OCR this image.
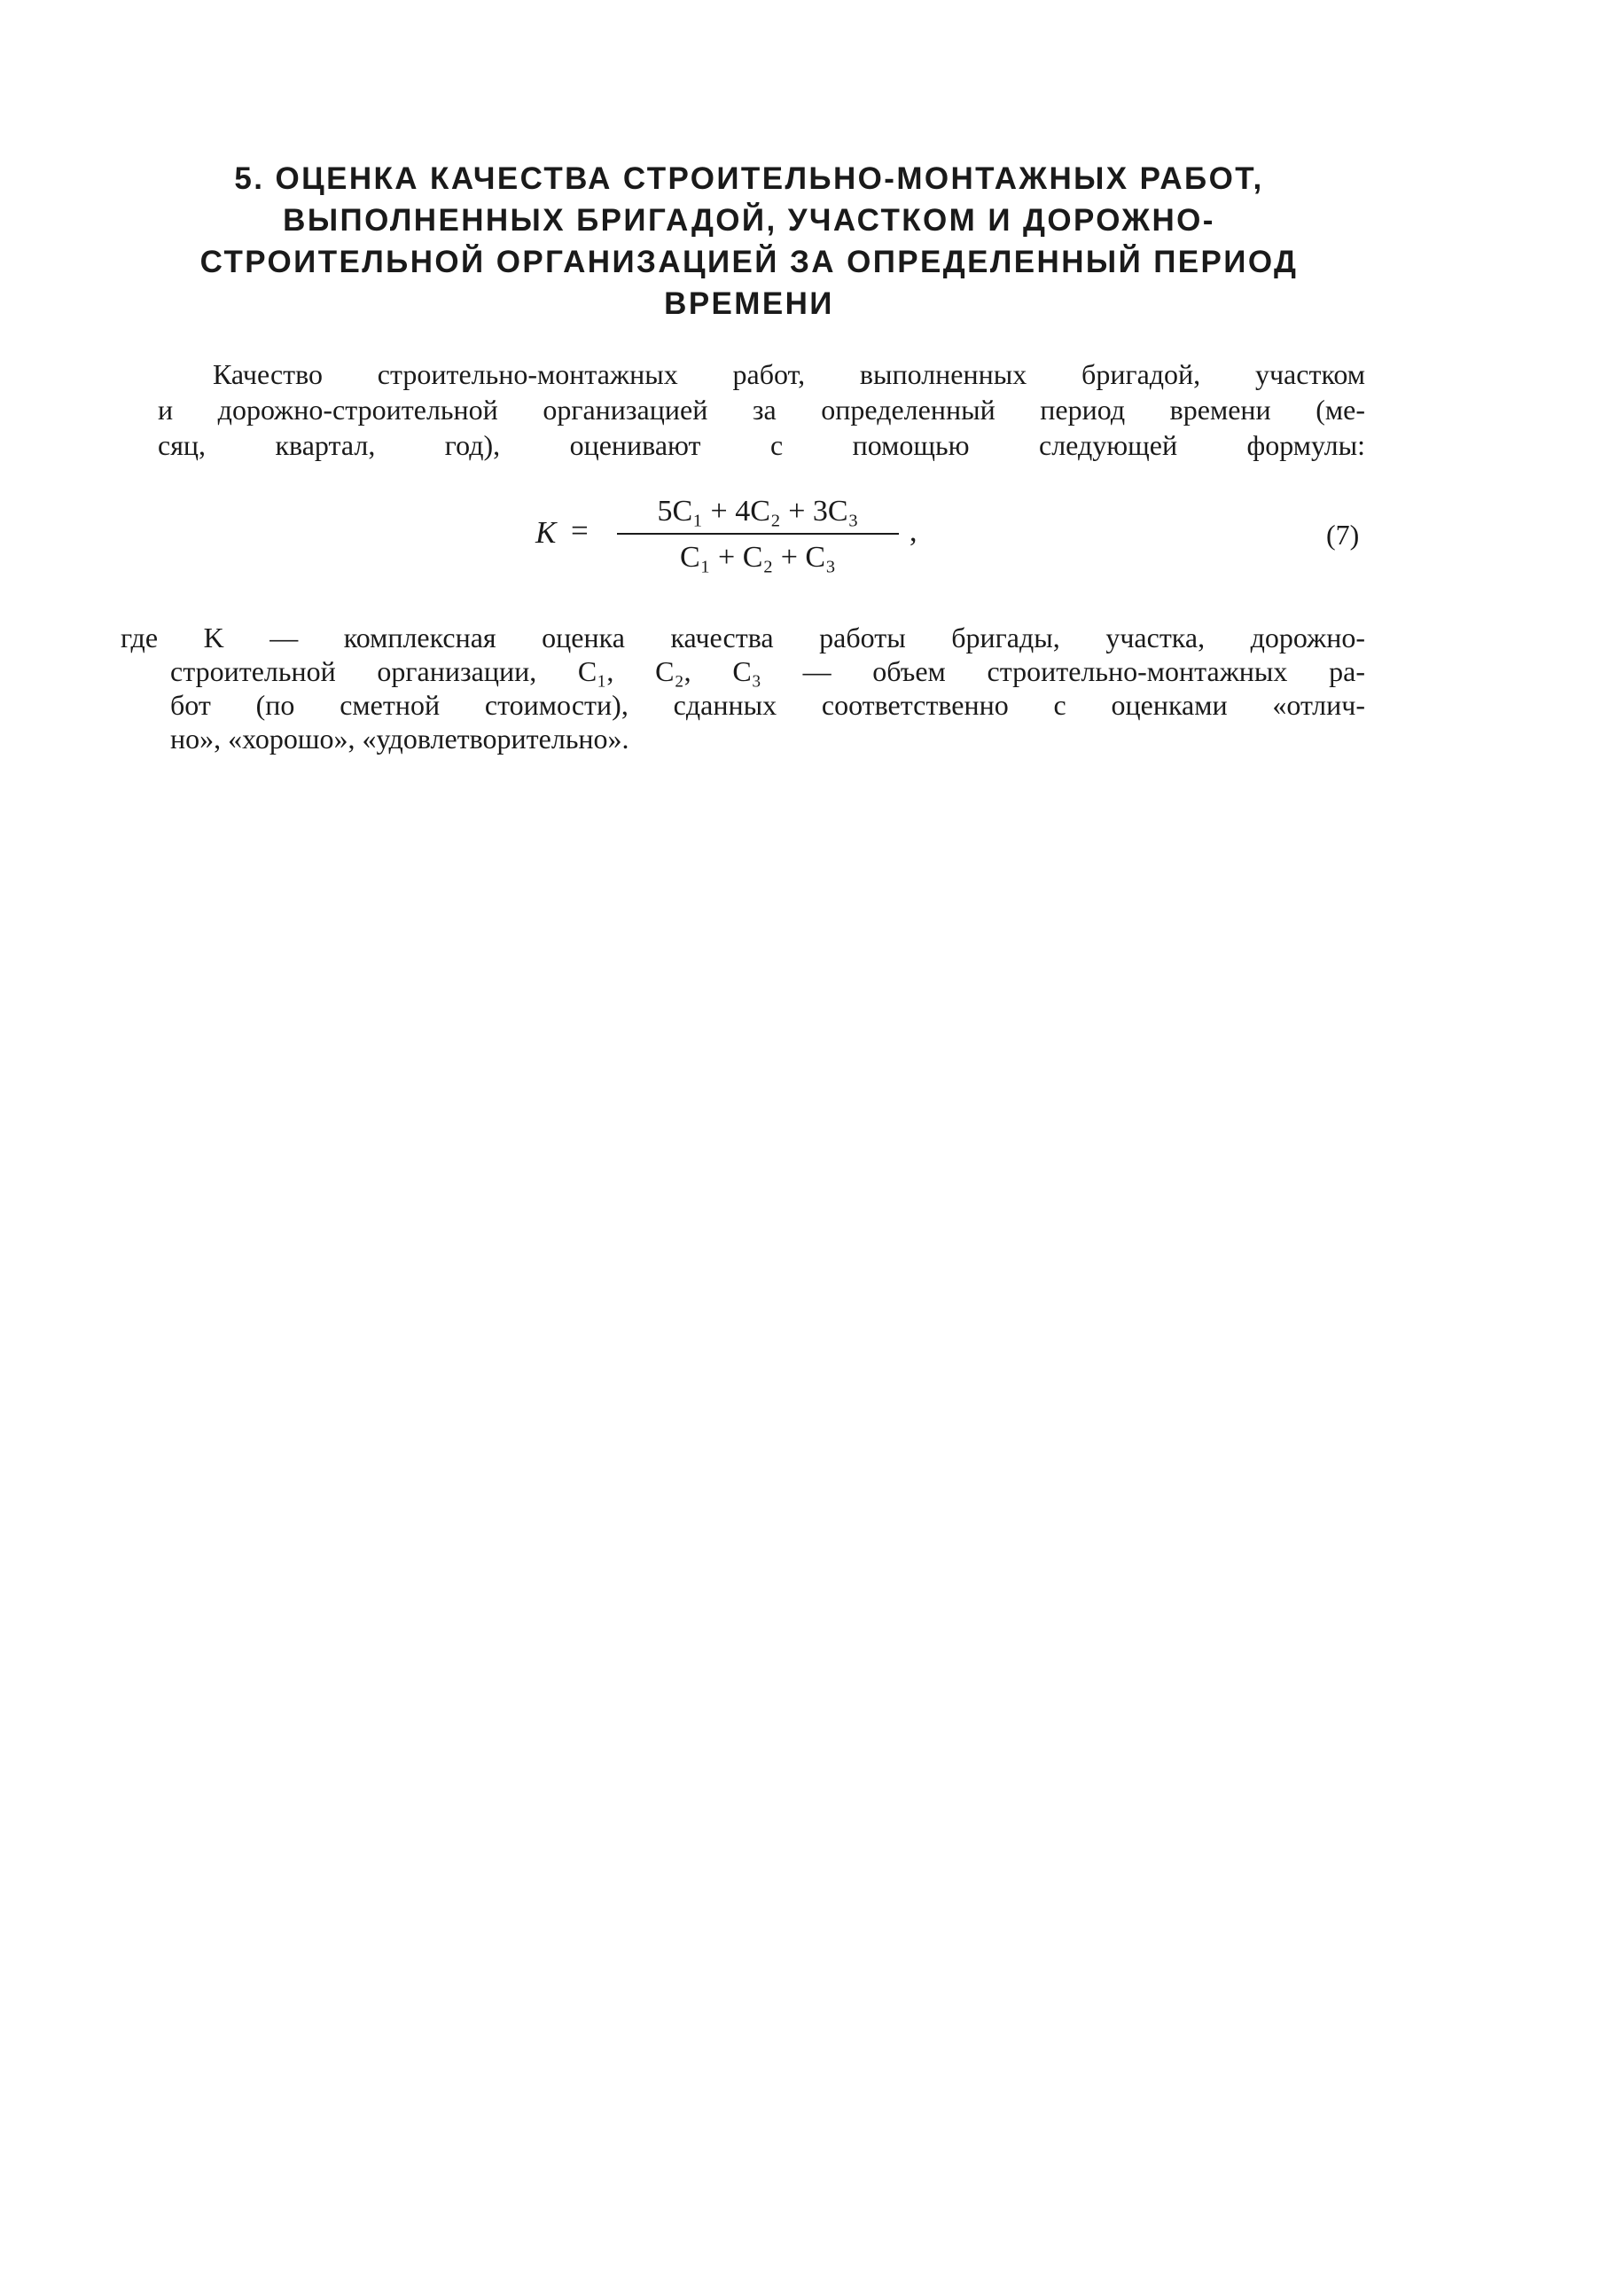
5. ОЦЕНКА КАЧЕСТВА СТРОИТЕЛЬНО-МОНТАЖНЫХ РАБОТ,
ВЫПОЛНЕННЫХ БРИГАДОЙ, УЧАСТКОМ И ДОРОЖНО-
СТРОИТЕЛЬНОЙ ОРГАНИЗАЦИЕЙ ЗА ОПРЕДЕЛЕННЫЙ ПЕРИОД
ВРЕМЕНИ
Качество строительно-монтажных работ, выполненных бригадой, участком
и дорожно-строительной организацией за определенный период времени (ме-
сяц, квартал, год), оценивают с помощью следующей формулы:
K =
5C₁ + 4C₂ + 3C₃
C₁ + C₂ + C₃
,	(7)
где K — комплексная оценка качества работы бригады, участка, дорожно-
строительной организации, C₁, C₂, C₃ — объем строительно-монтажных ра-
бот (по сметной стоимости), сданных соответственно с оценками «отлич-
но», «хорошо», «удовлетворительно».
